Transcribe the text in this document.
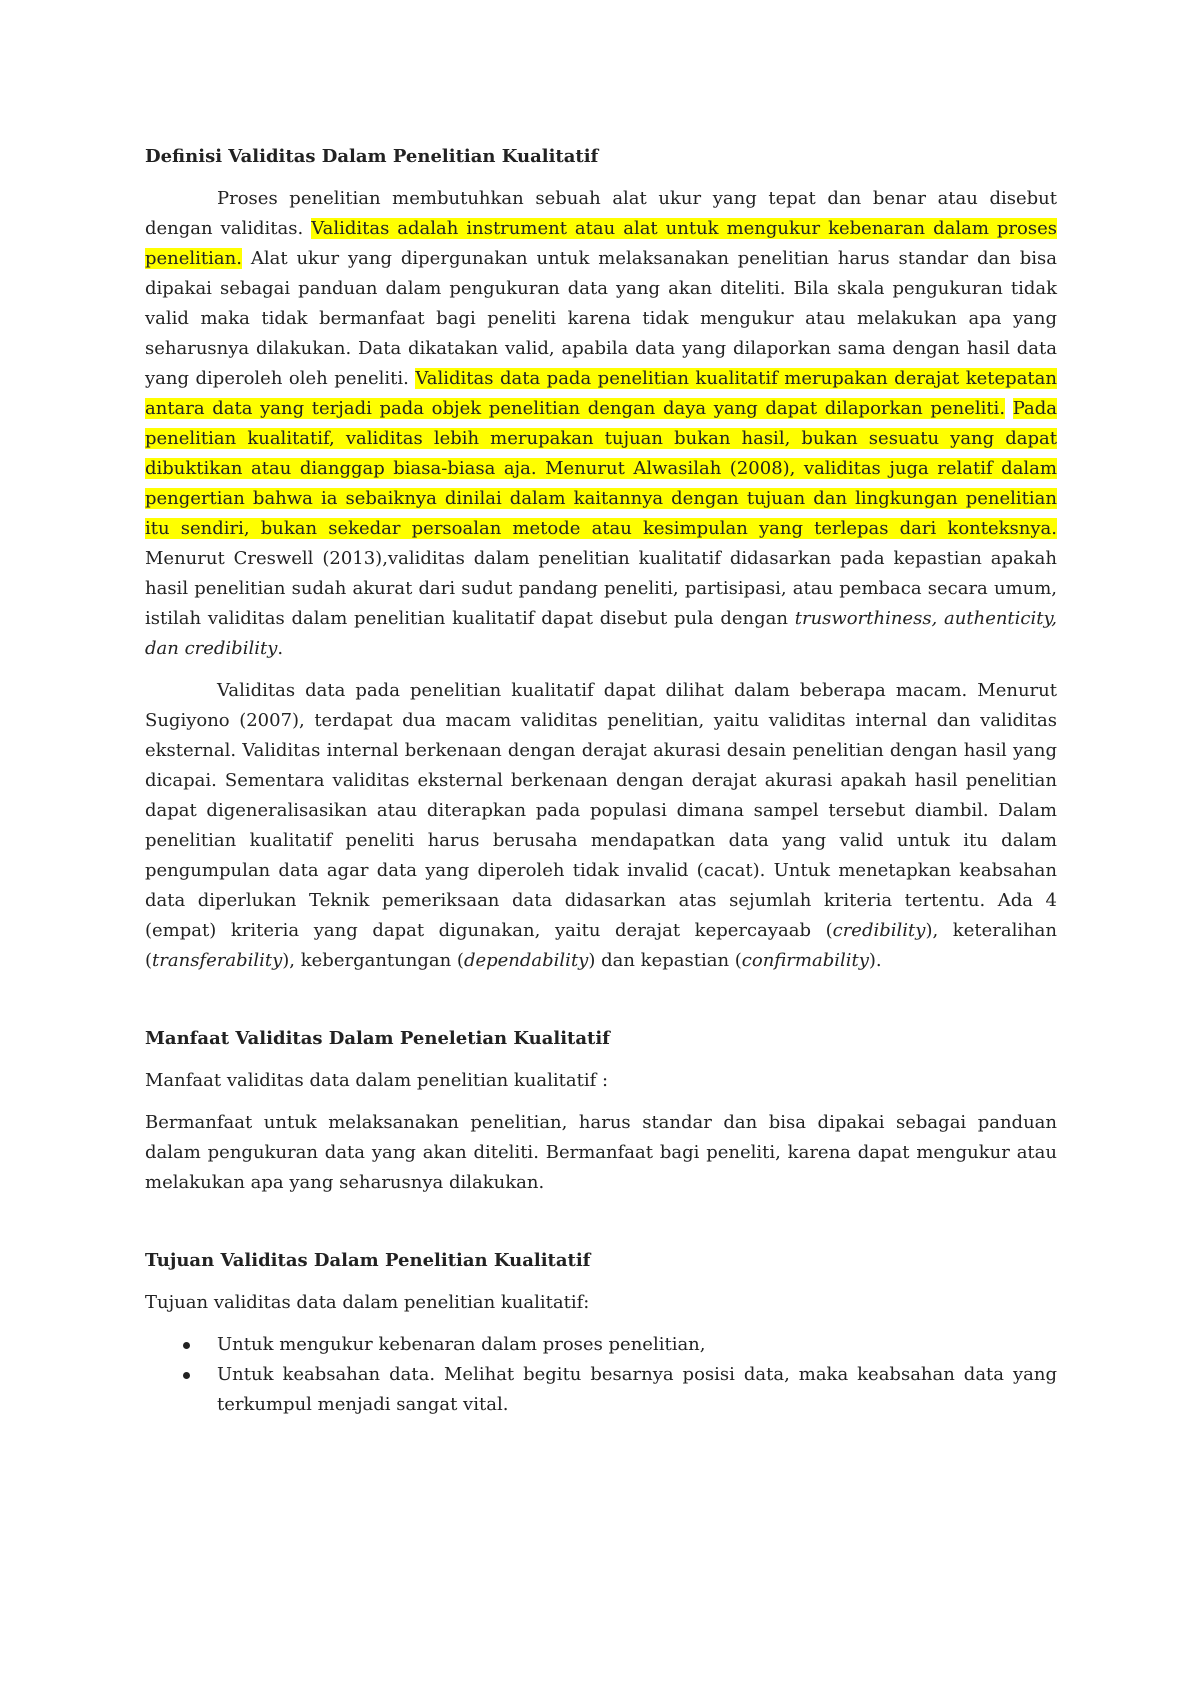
Definisi Validitas Dalam Penelitian Kualitatif

Proses penelitian membutuhkan sebuah alat ukur yang tepat dan benar atau disebut dengan validitas. Validitas adalah instrument atau alat untuk mengukur kebenaran dalam proses penelitian. Alat ukur yang dipergunakan untuk melaksanakan penelitian harus standar dan bisa dipakai sebagai panduan dalam pengukuran data yang akan diteliti. Bila skala pengukuran tidak valid maka tidak bermanfaat bagi peneliti karena tidak mengukur atau melakukan apa yang seharusnya dilakukan. Data dikatakan valid, apabila data yang dilaporkan sama dengan hasil data yang diperoleh oleh peneliti. Validitas data pada penelitian kualitatif merupakan derajat ketepatan antara data yang terjadi pada objek penelitian dengan daya yang dapat dilaporkan peneliti. Pada penelitian kualitatif, validitas lebih merupakan tujuan bukan hasil, bukan sesuatu yang dapat dibuktikan atau dianggap biasa-biasa aja. Menurut Alwasilah (2008), validitas juga relatif dalam pengertian bahwa ia sebaiknya dinilai dalam kaitannya dengan tujuan dan lingkungan penelitian itu sendiri, bukan sekedar persoalan metode atau kesimpulan yang terlepas dari konteksnya. Menurut Creswell (2013),validitas dalam penelitian kualitatif didasarkan pada kepastian apakah hasil penelitian sudah akurat dari sudut pandang peneliti, partisipasi, atau pembaca secara umum, istilah validitas dalam penelitian kualitatif dapat disebut pula dengan trusworthiness, authenticity, dan credibility.

Validitas data pada penelitian kualitatif dapat dilihat dalam beberapa macam. Menurut Sugiyono (2007), terdapat dua macam validitas penelitian, yaitu validitas internal dan validitas eksternal. Validitas internal berkenaan dengan derajat akurasi desain penelitian dengan hasil yang dicapai. Sementara validitas eksternal berkenaan dengan derajat akurasi apakah hasil penelitian dapat digeneralisasikan atau diterapkan pada populasi dimana sampel tersebut diambil. Dalam penelitian kualitatif peneliti harus berusaha mendapatkan data yang valid untuk itu dalam pengumpulan data agar data yang diperoleh tidak invalid (cacat). Untuk menetapkan keabsahan data diperlukan Teknik pemeriksaan data didasarkan atas sejumlah kriteria tertentu. Ada 4 (empat) kriteria yang dapat digunakan, yaitu derajat kepercayaab (credibility), keteralihan (transferability), kebergantungan (dependability) dan kepastian (confirmability).

Manfaat Validitas Dalam Peneletian Kualitatif

Manfaat validitas data dalam penelitian kualitatif :

Bermanfaat untuk melaksanakan penelitian, harus standar dan bisa dipakai sebagai panduan dalam pengukuran data yang akan diteliti. Bermanfaat bagi peneliti, karena dapat mengukur atau melakukan apa yang seharusnya dilakukan.

Tujuan Validitas Dalam Penelitian Kualitatif

Tujuan validitas data dalam penelitian kualitatif:

Untuk mengukur kebenaran dalam proses penelitian,
Untuk keabsahan data. Melihat begitu besarnya posisi data, maka keabsahan data yang terkumpul menjadi sangat vital.
